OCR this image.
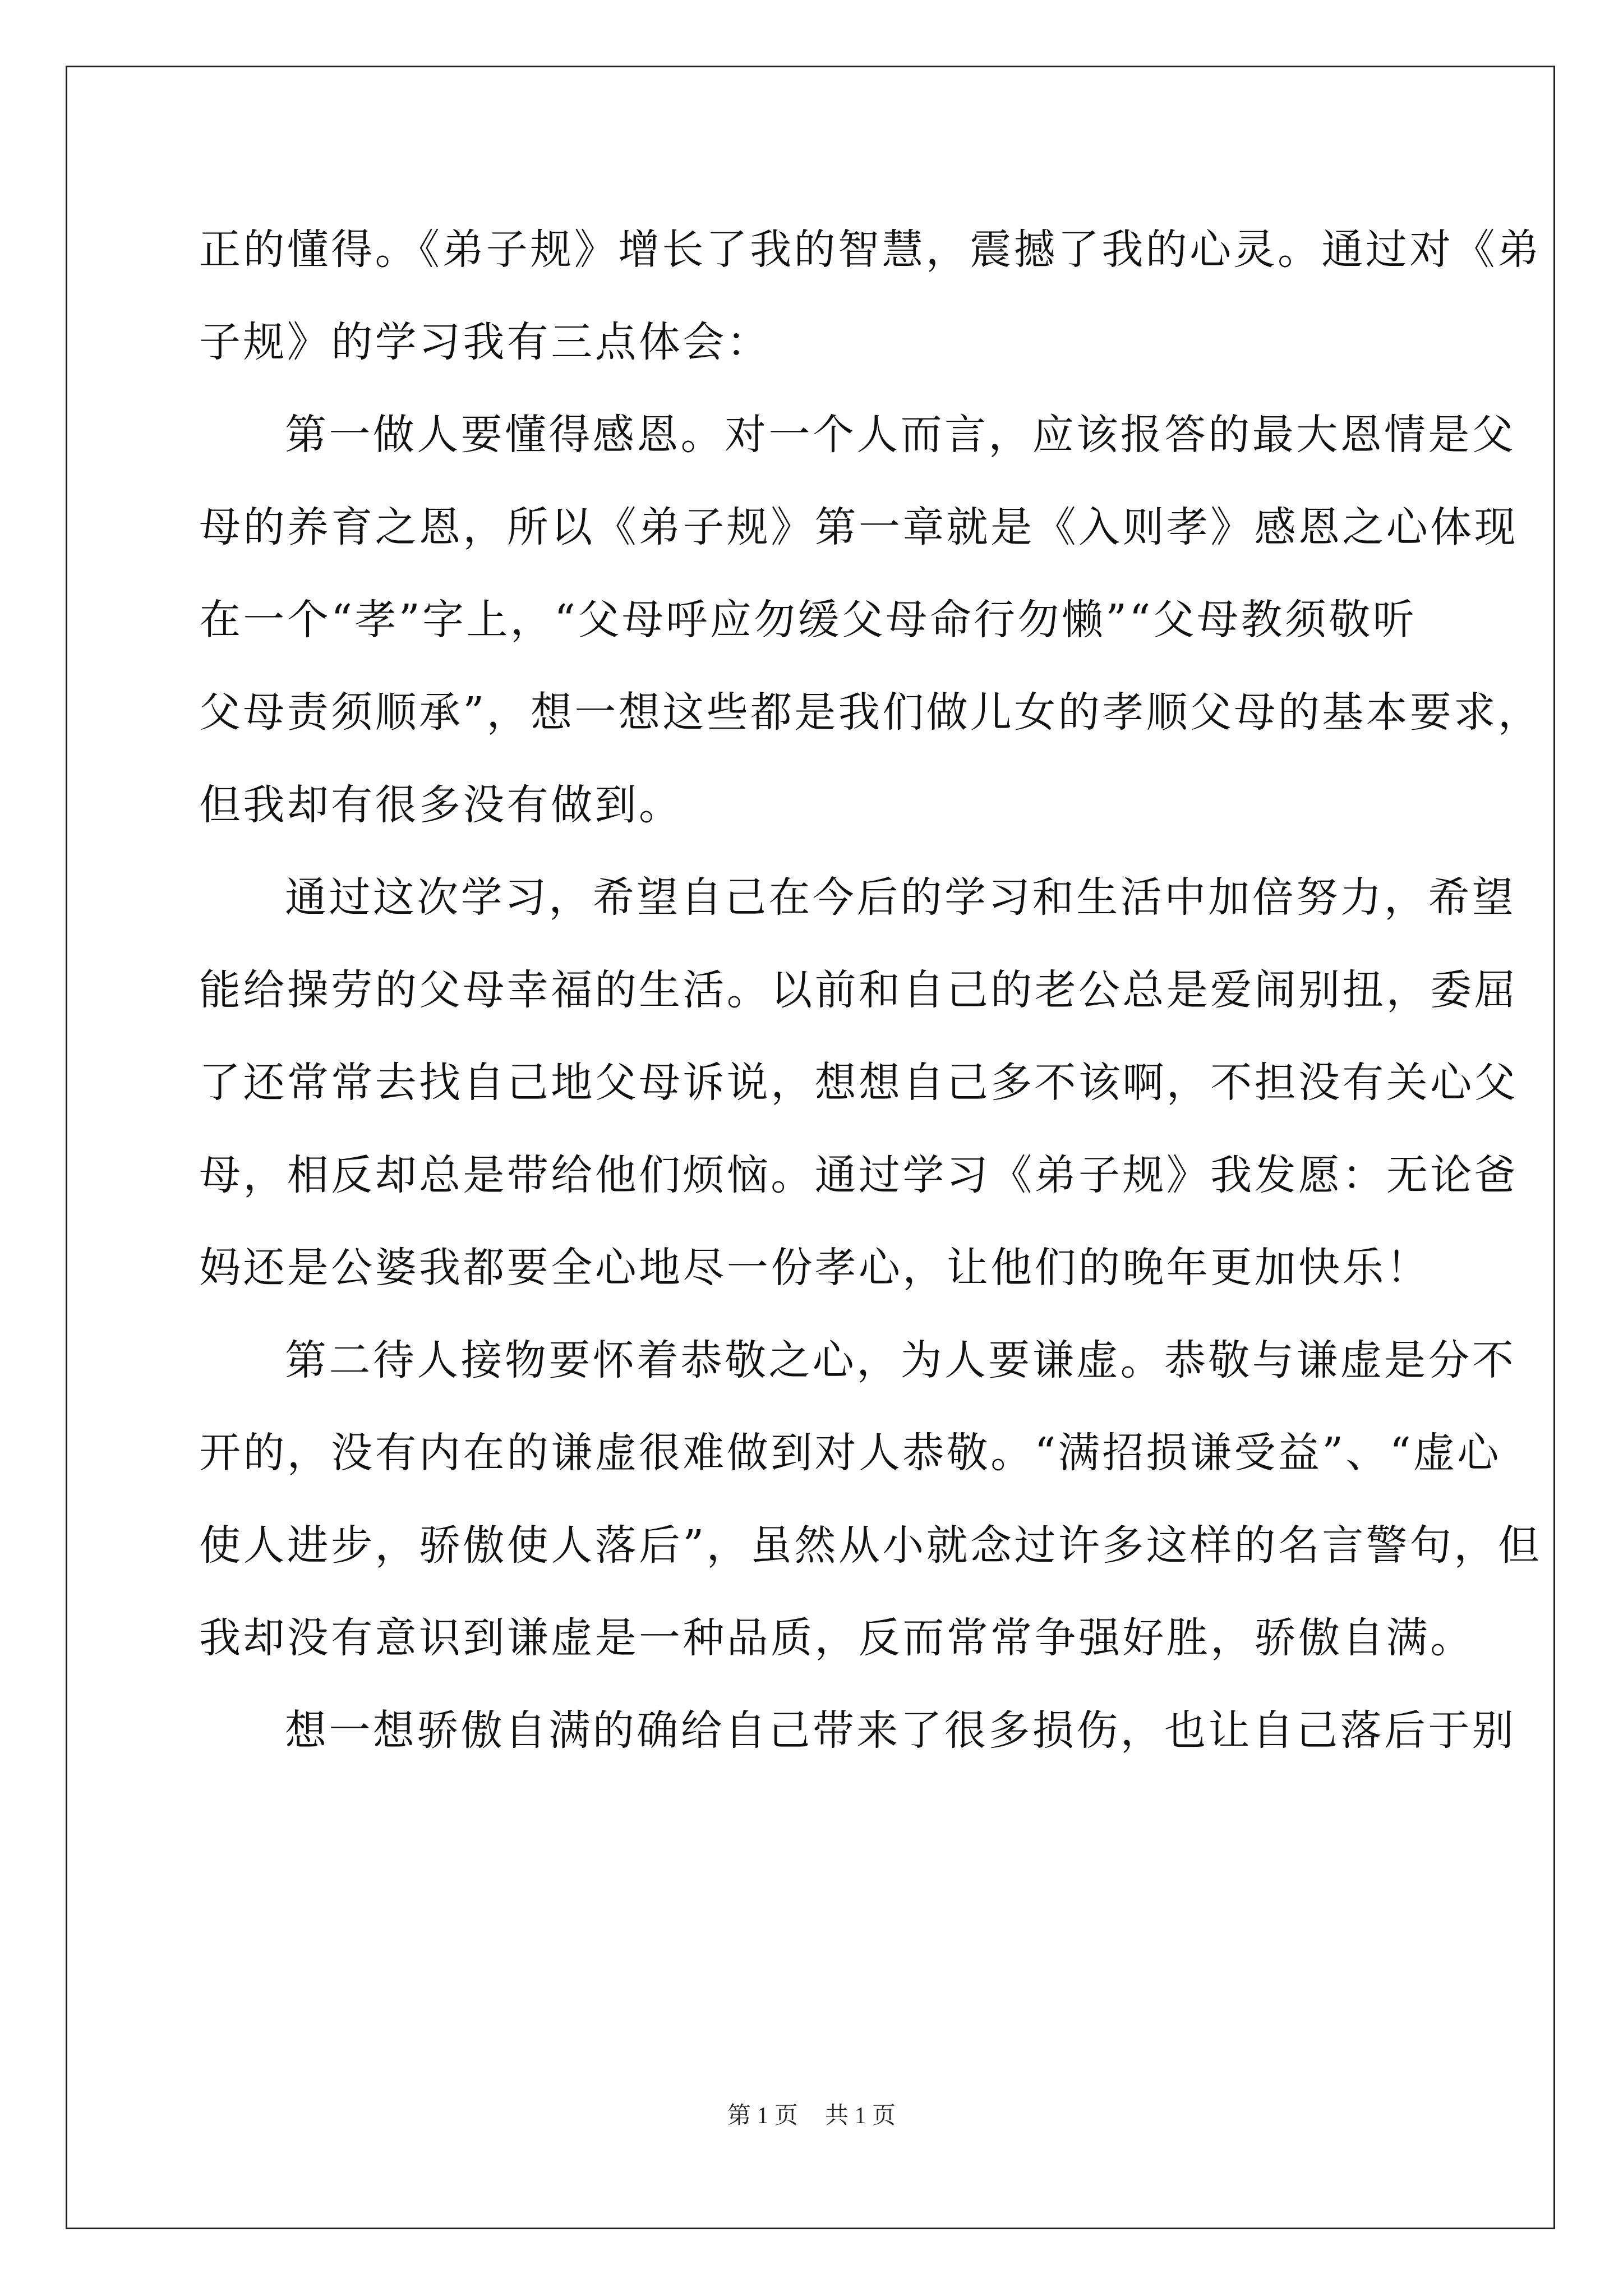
正的懂得。《弟子规》增长了我的智慧，震撼了我的心灵。通过对《弟
子规》的学习我有三点体会：
第一做人要懂得感恩。对一个人而言，应该报答的最大恩情是父
母的养育之恩，所以《弟子规》第一章就是《入则孝》感恩之心体现
在一个“孝”字上，“父母呼应勿缓父母命行勿懒”“父母教须敬听
父母责须顺承”，想一想这些都是我们做儿女的孝顺父母的基本要求，
但我却有很多没有做到。
通过这次学习，希望自己在今后的学习和生活中加倍努力，希望
能给操劳的父母幸福的生活。以前和自己的老公总是爱闹别扭，委屈
了还常常去找自己地父母诉说，想想自己多不该啊，不担没有关心父
母，相反却总是带给他们烦恼。通过学习《弟子规》我发愿：无论爸
妈还是公婆我都要全心地尽一份孝心，让他们的晚年更加快乐！
第二待人接物要怀着恭敬之心，为人要谦虚。恭敬与谦虚是分不
开的，没有内在的谦虚很难做到对人恭敬。“满招损谦受益”、“虚心
使人进步，骄傲使人落后”，虽然从小就念过许多这样的名言警句，但
我却没有意识到谦虚是一种品质，反而常常争强好胜，骄傲自满。
想一想骄傲自满的确给自己带来了很多损伤，也让自己落后于别
第 1 页 共 1 页
